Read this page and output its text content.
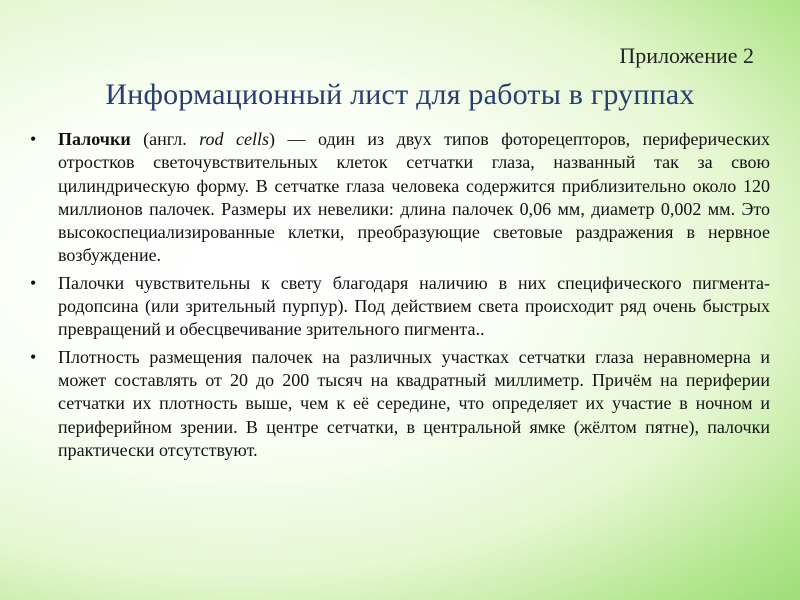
Приложение 2
Информационный лист для работы в группах
•	Палочки (англ. rod cells) — один из двух типов фоторецепторов, периферических отростков светочувствительных клеток сетчатки глаза, названный так за свою цилиндрическую форму. В сетчатке глаза человека содержится приблизительно около 120 миллионов палочек. Размеры их невелики: длина палочек 0,06 мм, диаметр 0,002 мм. Это высокоспециализированные клетки, преобразующие световые раздражения в нервное возбуждение.
•	Палочки чувствительны к свету благодаря наличию в них специфического пигмента-родопсина (или зрительный пурпур). Под действием света происходит ряд очень быстрых превращений и обесцвечивание зрительного пигмента..
•	Плотность размещения палочек на различных участках сетчатки глаза неравномерна и может составлять от 20 до 200 тысяч на квадратный миллиметр. Причём на периферии сетчатки их плотность выше, чем к её середине, что определяет их участие в ночном и периферийном зрении. В центре сетчатки, в центральной ямке (жёлтом пятне), палочки практически отсутствуют.
